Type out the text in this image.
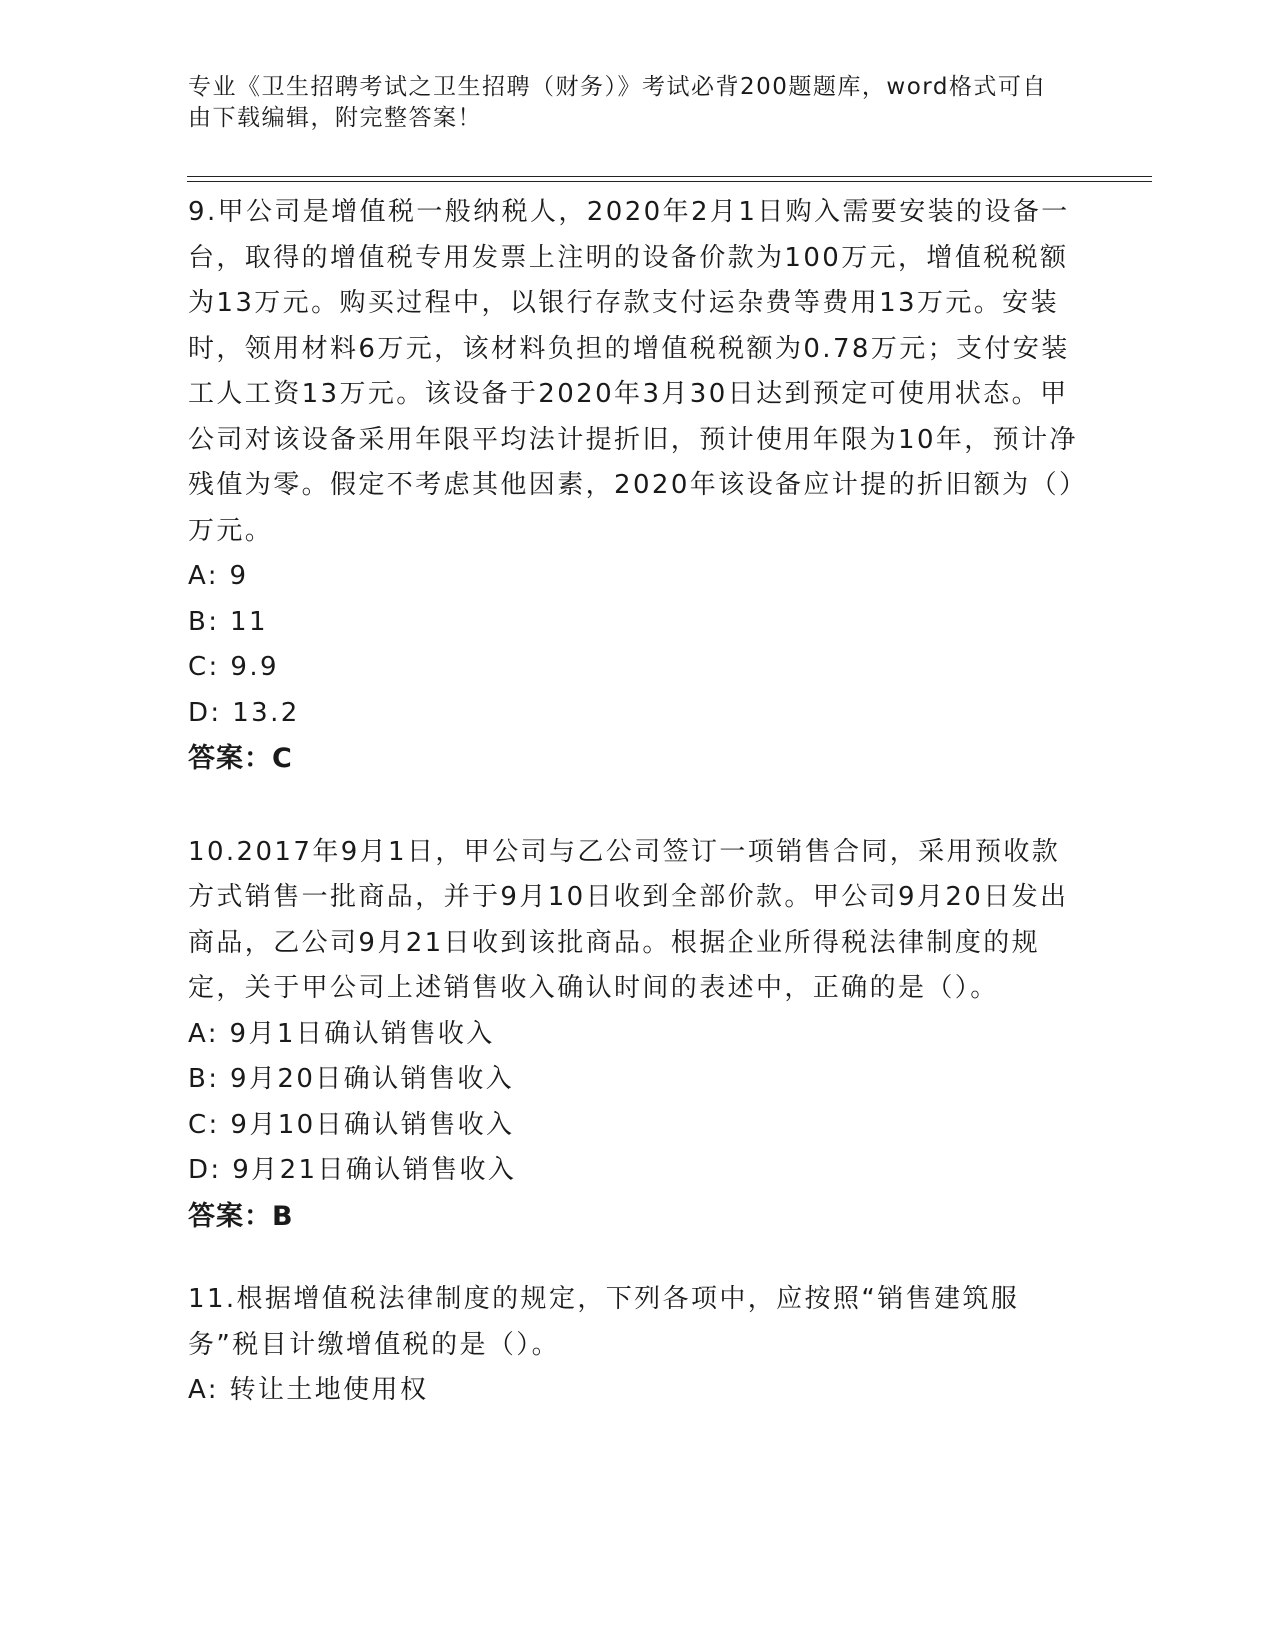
专业《卫生招聘考试之卫生招聘（财务）》考试必背200题题库，word格式可自由下载编辑，附完整答案！

9.甲公司是增值税一般纳税人，2020年2月1日购入需要安装的设备一台，取得的增值税专用发票上注明的设备价款为100万元，增值税税额为13万元。购买过程中，以银行存款支付运杂费等费用13万元。安装时，领用材料6万元，该材料负担的增值税税额为0.78万元；支付安装工人工资13万元。该设备于2020年3月30日达到预定可使用状态。甲公司对该设备采用年限平均法计提折旧，预计使用年限为10年，预计净残值为零。假定不考虑其他因素，2020年该设备应计提的折旧额为（）万元。

A: 9

B: 11

C: 9.9

D: 13.2

答案：C

10.2017年9月1日，甲公司与乙公司签订一项销售合同，采用预收款方式销售一批商品，并于9月10日收到全部价款。甲公司9月20日发出商品，乙公司9月21日收到该批商品。根据企业所得税法律制度的规定，关于甲公司上述销售收入确认时间的表述中，正确的是（）。

A: 9月1日确认销售收入

B: 9月20日确认销售收入

C: 9月10日确认销售收入

D: 9月21日确认销售收入

答案：B

11.根据增值税法律制度的规定，下列各项中，应按照“销售建筑服务”税目计缴增值税的是（）。

A: 转让土地使用权
